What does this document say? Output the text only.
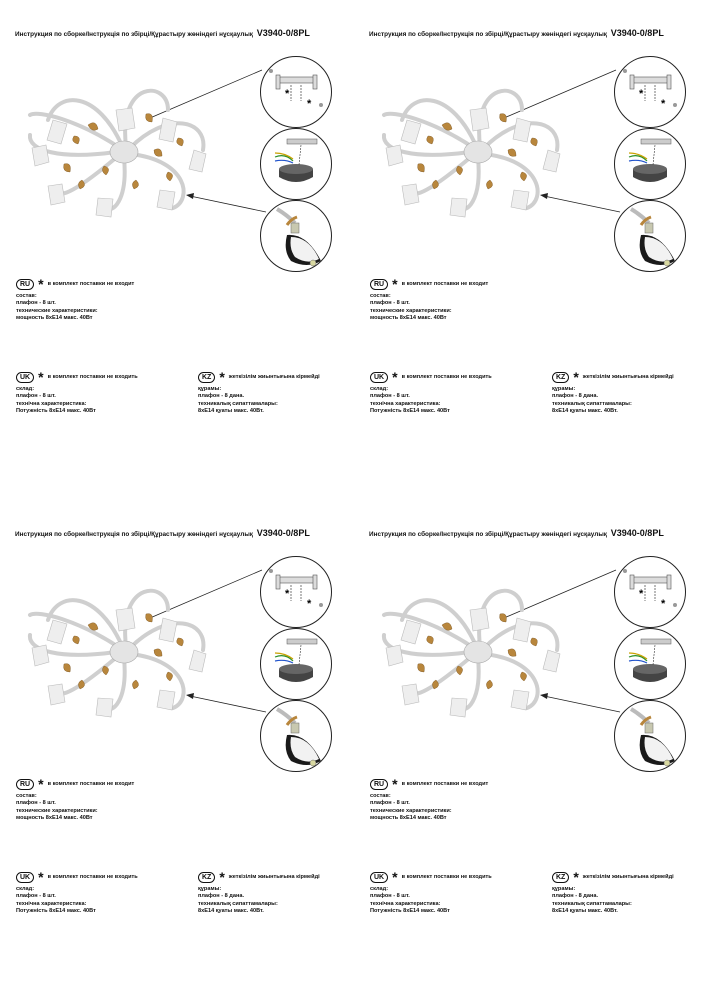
Инструкция по сборке/Інструкція по збірці/Құрастыру жөніндегі нұсқаулық V3940-0/8PL
*
*
RU * в комплект поставки не входит
состав:
плафон - 8 шт.
технические характеристики:
мощность 8хЕ14 макс. 40Вт
UK * в комплект поставки не входить
склад:
плафон - 8 шт.
технічна характеристика:
Потужність 8хЕ14 макс. 40Вт
KZ * жеткізілім жиынтығына кірмейді
құрамы:
плафон - 8 дана.
техникалық сипаттамалары:
8хЕ14 қуаты макс. 40Вт.
Инструкция по сборке/Інструкція по збірці/Құрастыру жөніндегі нұсқаулық V3940-0/8PL
*
*
RU * в комплект поставки не входит
состав:
плафон - 8 шт.
технические характеристики:
мощность 8хЕ14 макс. 40Вт
UK * в комплект поставки не входить
склад:
плафон - 8 шт.
технічна характеристика:
Потужність 8хЕ14 макс. 40Вт
KZ * жеткізілім жиынтығына кірмейді
құрамы:
плафон - 8 дана.
техникалық сипаттамалары:
8хЕ14 қуаты макс. 40Вт.
Инструкция по сборке/Інструкція по збірці/Құрастыру жөніндегі нұсқаулық V3940-0/8PL
*
*
RU * в комплект поставки не входит
состав:
плафон - 8 шт.
технические характеристики:
мощность 8хЕ14 макс. 40Вт
UK * в комплект поставки не входить
склад:
плафон - 8 шт.
технічна характеристика:
Потужність 8хЕ14 макс. 40Вт
KZ * жеткізілім жиынтығына кірмейді
құрамы:
плафон - 8 дана.
техникалық сипаттамалары:
8хЕ14 қуаты макс. 40Вт.
Инструкция по сборке/Інструкція по збірці/Құрастыру жөніндегі нұсқаулық V3940-0/8PL
*
*
RU * в комплект поставки не входит
состав:
плафон - 8 шт.
технические характеристики:
мощность 8хЕ14 макс. 40Вт
UK * в комплект поставки не входить
склад:
плафон - 8 шт.
технічна характеристика:
Потужність 8хЕ14 макс. 40Вт
KZ * жеткізілім жиынтығына кірмейді
құрамы:
плафон - 8 дана.
техникалық сипаттамалары:
8хЕ14 қуаты макс. 40Вт.
